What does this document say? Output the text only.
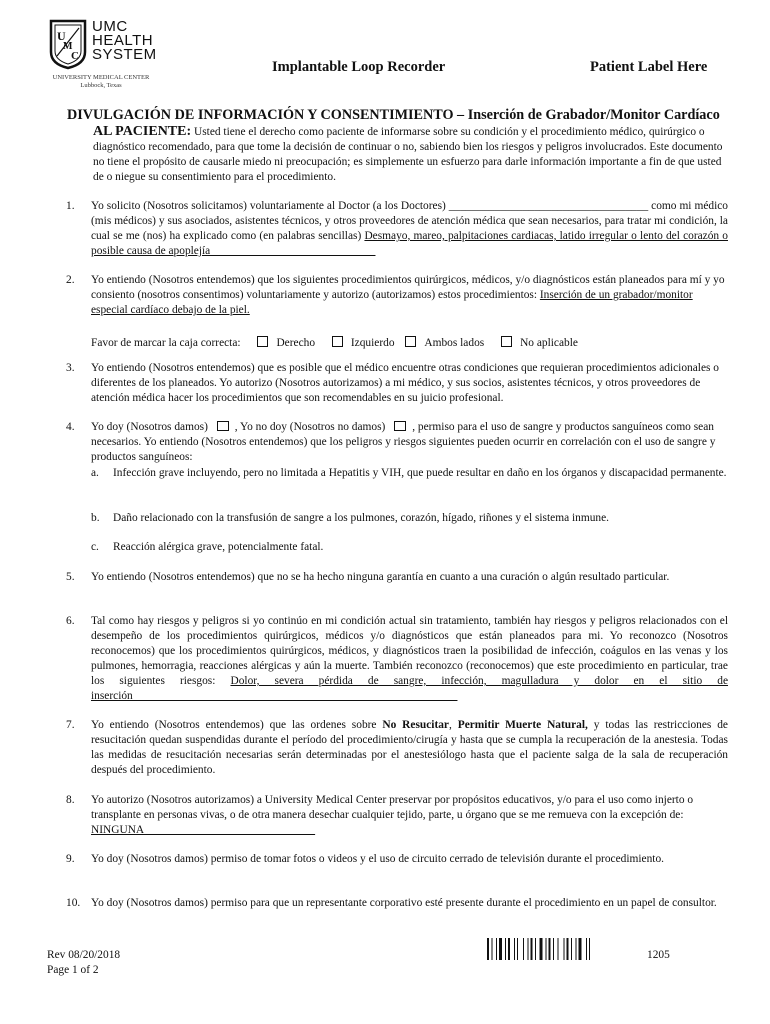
U
M
C
UMC
HEALTH
SYSTEM
UNIVERSITY MEDICAL CENTER
Lubbock, Texas
Implantable Loop Recorder	Patient Label Here
DIVULGACIÓN DE INFORMACIÓN Y CONSENTIMIENTO – Inserción de Grabador/Monitor Cardíaco
AL PACIENTE: Usted tiene el derecho como paciente de informarse sobre su condición y el procedimiento médico, quirúrgico o diagnóstico recomendado, para que tome la decisión de continuar o no, sabiendo bien los riesgos y peligros involucrados. Este documento no tiene el propósito de causarle miedo ni preocupación; es simplemente un esfuerzo para darle información importante a fin de que usted de o niegue su consentimiento para el procedimiento.
1.	Yo solicito (Nosotros solicitamos) voluntariamente al Doctor (a los Doctores) ___________________________________ como mi médico (mis médicos) y sus asociados, asistentes técnicos, y otros proveedores de atención médica que sean necesarios, para tratar mi condición, la cual se me (nos) ha explicado como (en palabras sencillas) Desmayo, mareo, palpitaciones cardiacas, latido irregular o lento del corazón o posible causa de apoplejía_____________________________
2.	Yo entiendo (Nosotros entendemos) que los siguientes procedimientos quirúrgicos, médicos, y/o diagnósticos están planeados para mí y yo consiento (nosotros consentimos) voluntariamente y autorizo (autorizamos) estos procedimientos: Inserción de un grabador/monitor especial cardíaco debajo de la piel.
Favor de marcar la caja correcta:	Derecho	Izquierdo	Ambos lados	No aplicable
3.	Yo entiendo (Nosotros entendemos) que es posible que el médico encuentre otras condiciones que requieran procedimientos adicionales o diferentes de los planeados. Yo autorizo (Nosotros autorizamos) a mi médico, y sus socios, asistentes técnicos, y otros proveedores de atención médica hacer los procedimientos que son recomendables en su juicio profesional.
4.	Yo doy (Nosotros damos) , Yo no doy (Nosotros no damos) , permiso para el uso de sangre y productos sanguíneos como sean necesarios. Yo entiendo (Nosotros entendemos) que los peligros y riesgos siguientes pueden ocurrir en correlación con el uso de sangre y productos sanguíneos:
a. Infección grave incluyendo, pero no limitada a Hepatitis y VIH, que puede resultar en daño en los órganos y discapacidad permanente.
b. Daño relacionado con la transfusión de sangre a los pulmones, corazón, hígado, riñones y el sistema inmune.
c. Reacción alérgica grave, potencialmente fatal.
5.	Yo entiendo (Nosotros entendemos) que no se ha hecho ninguna garantía en cuanto a una curación o algún resultado particular.
6.	Tal como hay riesgos y peligros si yo continúo en mi condición actual sin tratamiento, también hay riesgos y peligros relacionados con el desempeño de los procedimientos quirúrgicos, médicos y/o diagnósticos que están planeados para mi. Yo reconozco (Nosotros reconocemos) que los procedimientos quirúrgicos, médicos, y diagnósticos traen la posibilidad de infección, coágulos en las venas y los pulmones, hemorragia, reacciones alérgicas y aún la muerte. También reconozco (reconocemos) que este procedimiento en particular, trae los siguientes riesgos: Dolor, severa pérdida de sangre, infección, magulladura y dolor en el sitio de inserción_________________________________________________________
7.	Yo entiendo (Nosotros entendemos) que las ordenes sobre No Resucitar, Permitir Muerte Natural, y todas las restricciones de resucitación quedan suspendidas durante el período del procedimiento/cirugía y hasta que se cumpla la recuperación de la anestesia. Todas las medidas de resucitación necesarias serán determinadas por el anestesiólogo hasta que el paciente salga de la sala de recuperación después del procedimiento.
8.	Yo autorizo (Nosotros autorizamos) a University Medical Center preservar por propósitos educativos, y/o para el uso como injerto o transplante en personas vivas, o de otra manera desechar cualquier tejido, parte, u órgano que se me remueva con la excepción de: NINGUNA______________________________
9.	Yo doy (Nosotros damos) permiso de tomar fotos o videos y el uso de circuito cerrado de televisión durante el procedimiento.
10. Yo doy (Nosotros damos) permiso para que un representante corporativo esté presente durante el procedimiento en un papel de consultor.
Rev 08/20/2018
Page 1 of 2
1205
